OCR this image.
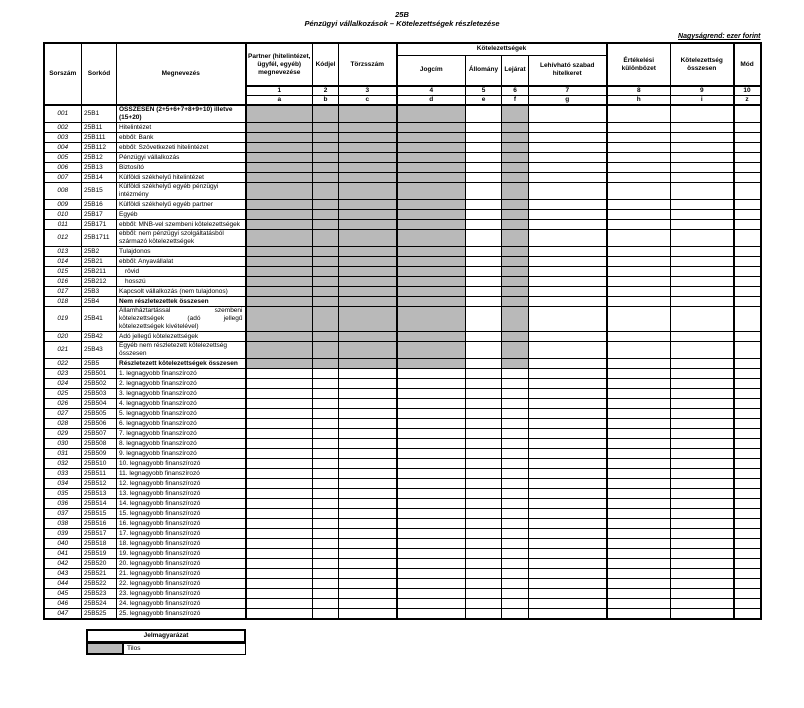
25B
Pénzügyi vállalkozások – Kötelezettségek részletezése
Nagyságrend: ezer forint
Sorszám	Sorkód	Megnevezés	Partner (hitelintézet, ügyfél, egyéb) megnevezése	Kódjel	Törzsszám	Kötelezettségek				Értékelési különbözet	Kötelezettség összesen	Mód
						Jogcím	Állomány	Lejárat	Lehívható szabad hitelkeret			
			1	2	3	4	5	6	7	8	9	10
			a	b	c	d	e	f	g	h	i	z
001	25B1	ÖSSZESEN (2+5+6+7+8+9+10) illetve (15+20)										
002	25B11	Hitelintézet										
003	25B111	ebből: Bank										
004	25B112	ebből: Szövetkezeti hitelintézet										
005	25B12	Pénzügyi vállalkozás										
006	25B13	Biztosító										
007	25B14	Külföldi székhelyű hitelintézet										
008	25B15	Külföldi székhelyű egyéb pénzügyi intézmény										
009	25B16	Külföldi székhelyű egyéb partner										
010	25B17	Egyéb										
011	25B171	ebből: MNB-vel szembeni kötelezettségek										
012	25B1711	ebből: nem pénzügyi szolgáltatásból származó kötelezettségek										
013	25B2	Tulajdonos										
014	25B21	ebből: Anyavállalat										
015	25B211	rövid										
016	25B212	hosszú										
017	25B3	Kapcsolt vállalkozás (nem tulajdonos)										
018	25B4	Nem részletezettek összesen										
019	25B41	Államháztartással szembeni kötelezettségek (adó jellegű kötelezettségek kivételével)										
020	25B42	Adó jellegű kötelezettségek										
021	25B43	Egyéb nem részletezett kötelezettség összesen										
022	25B5	Részletezett kötelezettségek összesen										
023	25B501	1. legnagyobb finanszírozó										
024	25B502	2. legnagyobb finanszírozó										
025	25B503	3. legnagyobb finanszírozó										
026	25B504	4. legnagyobb finanszírozó										
027	25B505	5. legnagyobb finanszírozó										
028	25B506	6. legnagyobb finanszírozó										
029	25B507	7. legnagyobb finanszírozó										
030	25B508	8. legnagyobb finanszírozó										
031	25B509	9. legnagyobb finanszírozó										
032	25B510	10. legnagyobb finanszírozó										
033	25B511	11. legnagyobb finanszírozó										
034	25B512	12. legnagyobb finanszírozó										
035	25B513	13. legnagyobb finanszírozó										
036	25B514	14. legnagyobb finanszírozó										
037	25B515	15. legnagyobb finanszírozó										
038	25B516	16. legnagyobb finanszírozó										
039	25B517	17. legnagyobb finanszírozó										
040	25B518	18. legnagyobb finanszírozó										
041	25B519	19. legnagyobb finanszírozó										
042	25B520	20. legnagyobb finanszírozó										
043	25B521	21. legnagyobb finanszírozó										
044	25B522	22. legnagyobb finanszírozó										
045	25B523	23. legnagyobb finanszírozó										
046	25B524	24. legnagyobb finanszírozó										
047	25B525	25. legnagyobb finanszírozó										
Jelmagyarázat
Tilos
